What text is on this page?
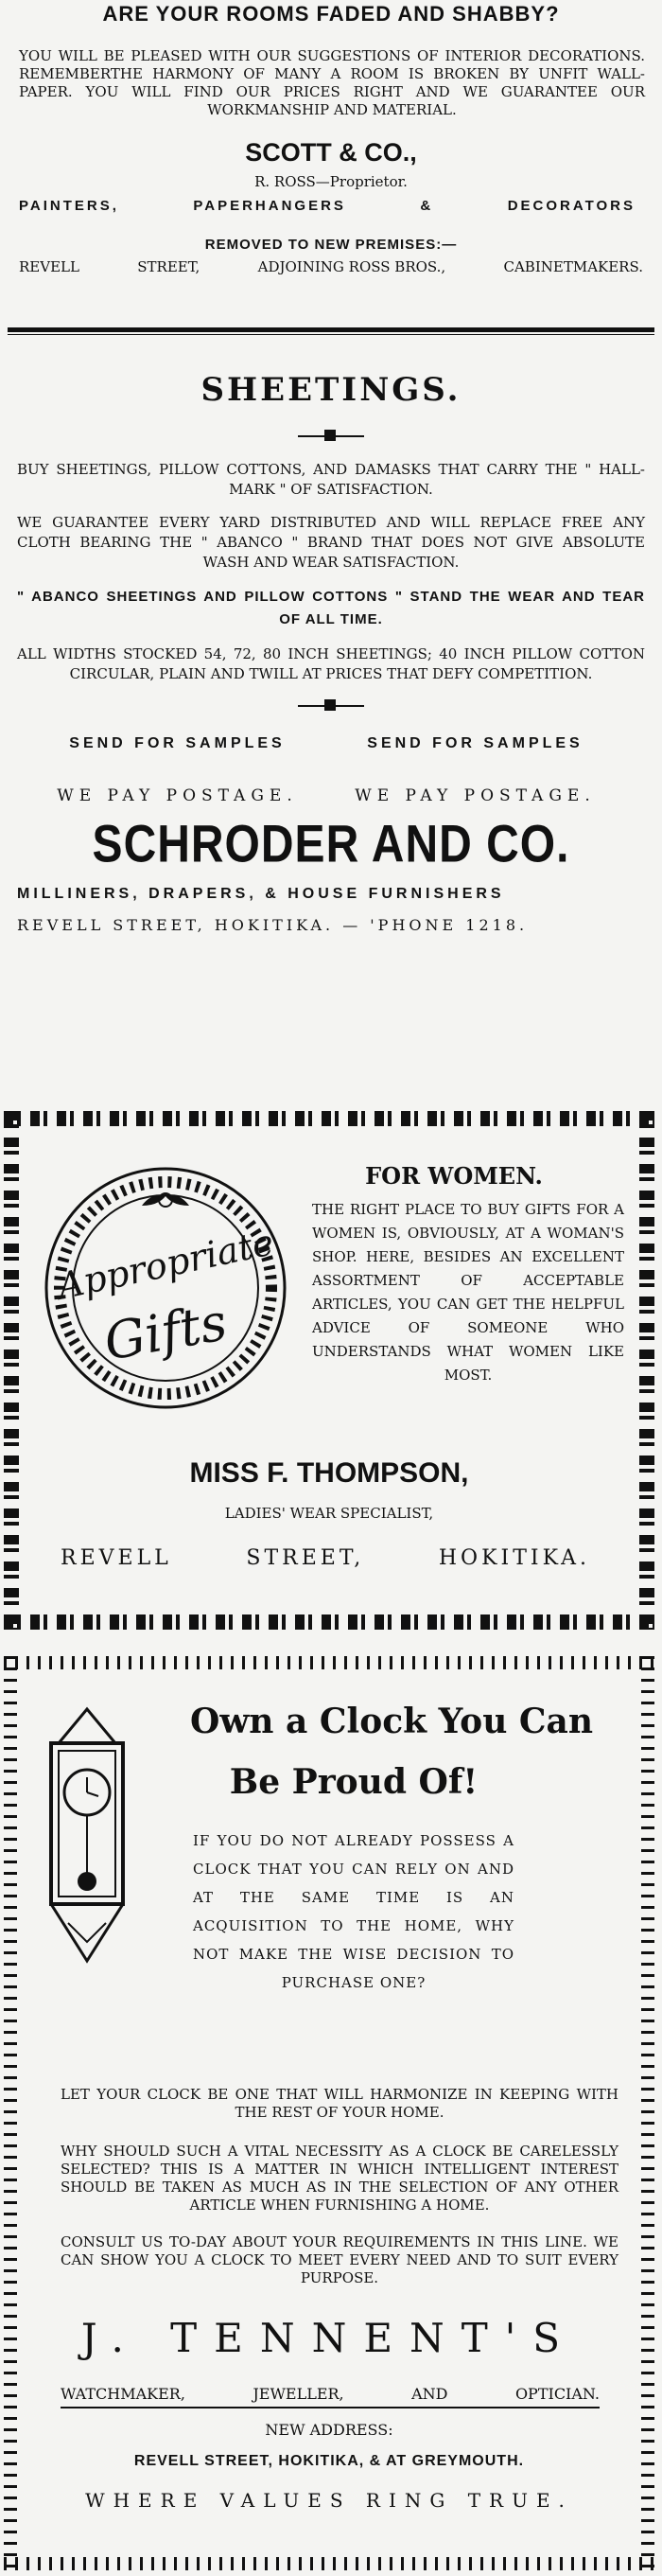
ARE YOUR ROOMS FADED AND SHABBY?

YOU WILL BE PLEASED WITH OUR SUGGESTIONS OF INTERIOR DECORATIONS. REMEMBERTHE HARMONY OF MANY A ROOM IS BROKEN BY UNFIT WALL-PAPER. YOU WILL FIND OUR PRICES RIGHT AND WE GUARANTEE OUR WORKMANSHIP AND MATERIAL.

SCOTT & CO.,

R. ROSS—Proprietor.

PAINTERS,	PAPERHANGERS	&	DECORATORS

REMOVED TO NEW PREMISES:—

REVELL	STREET,	ADJOINING ROSS BROS.,	CABINETMAKERS.

SHEETINGS.

BUY SHEETINGS, PILLOW COTTONS, AND DAMASKS THAT CARRY THE " HALL-MARK " OF SATISFACTION.

WE GUARANTEE EVERY YARD DISTRIBUTED AND WILL REPLACE FREE ANY CLOTH BEARING THE " ABANCO " BRAND THAT DOES NOT GIVE ABSOLUTE WASH AND WEAR SATISFACTION.

" ABANCO SHEETINGS AND PILLOW COTTONS " STAND THE WEAR AND TEAR OF ALL TIME.

ALL WIDTHS STOCKED 54, 72, 80 INCH SHEETINGS; 40 INCH PILLOW COTTON CIRCULAR, PLAIN AND TWILL AT PRICES THAT DEFY COMPETITION.

SEND FOR SAMPLES	SEND FOR SAMPLES
WE PAY POSTAGE.	WE PAY POSTAGE.

SCHRODER AND CO.

MILLINERS, DRAPERS, & HOUSE FURNISHERS

REVELL STREET, HOKITIKA. — 'PHONE 1218.

Appropriate
Gifts

FOR WOMEN.

THE RIGHT PLACE TO BUY GIFTS FOR A WOMEN IS, OBVIOUSLY, AT A WOMAN'S SHOP. HERE, BESIDES AN EXCELLENT ASSORTMENT OF ACCEPTABLE ARTICLES, YOU CAN GET THE HELPFUL ADVICE OF SOMEONE WHO UNDERSTANDS WHAT WOMEN LIKE MOST.

MISS F. THOMPSON,

LADIES' WEAR SPECIALIST,

REVELL	STREET,	HOKITIKA.

Own a Clock You Can

Be Proud Of!

IF YOU DO NOT ALREADY POSSESS A CLOCK THAT YOU CAN RELY ON AND AT THE SAME TIME IS AN ACQUISITION TO THE HOME, WHY NOT MAKE THE WISE DECISION TO PURCHASE ONE?

LET YOUR CLOCK BE ONE THAT WILL HARMONIZE IN KEEPING WITH THE REST OF YOUR HOME.

WHY SHOULD SUCH A VITAL NECESSITY AS A CLOCK BE CARELESSLY SELECTED? THIS IS A MATTER IN WHICH INTELLIGENT INTEREST SHOULD BE TAKEN AS MUCH AS IN THE SELECTION OF ANY OTHER ARTICLE WHEN FURNISHING A HOME.

CONSULT US TO-DAY ABOUT YOUR REQUIREMENTS IN THIS LINE. WE CAN SHOW YOU A CLOCK TO MEET EVERY NEED AND TO SUIT EVERY PURPOSE.

J. TENNENT'S

WATCHMAKER,	JEWELLER,	AND	OPTICIAN.

NEW ADDRESS:

REVELL STREET, HOKITIKA, & AT GREYMOUTH.

WHERE VALUES RING TRUE.
